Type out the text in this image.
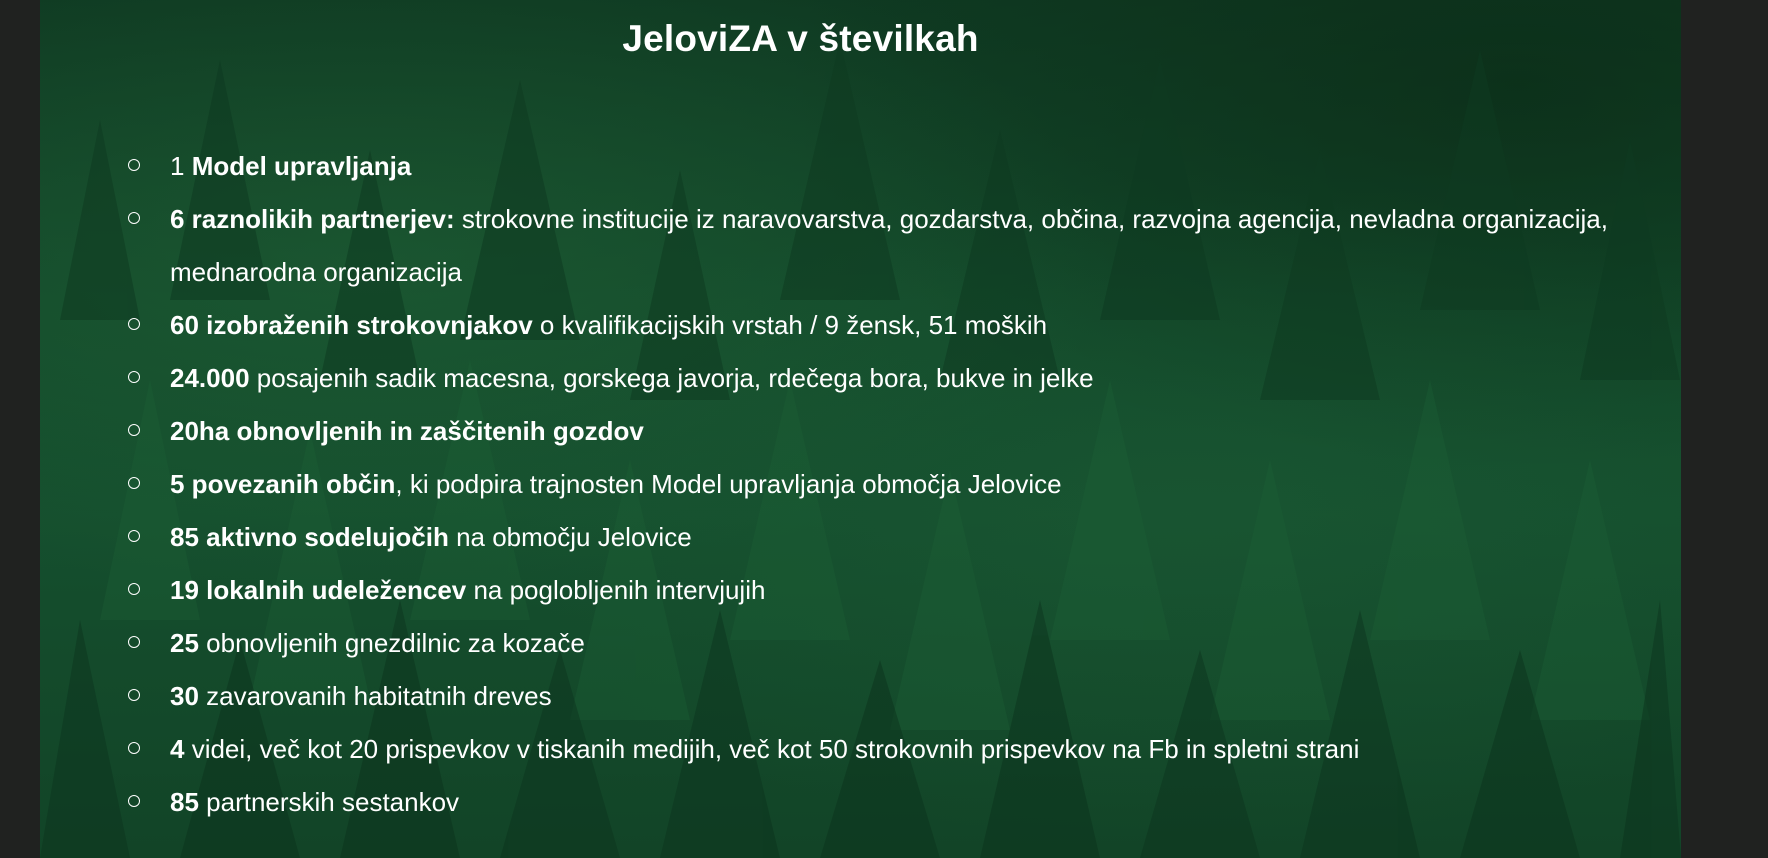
JeloviZA v številkah
1 Model upravljanja
6 raznolikih partnerjev: strokovne institucije iz naravovarstva, gozdarstva, občina, razvojna agencija, nevladna organizacija, mednarodna organizacija
60 izobraženih strokovnjakov o kvalifikacijskih vrstah / 9 žensk, 51 moških
24.000 posajenih sadik macesna, gorskega javorja, rdečega bora, bukve in jelke
20ha obnovljenih in zaščitenih gozdov
5 povezanih občin, ki podpira trajnosten Model upravljanja območja Jelovice
85 aktivno sodelujočih na območju Jelovice
19 lokalnih udeležencev na poglobljenih intervjujih
25 obnovljenih gnezdilnic za kozače
30 zavarovanih habitatnih dreves
4 videi, več kot 20 prispevkov v tiskanih medijih, več kot 50 strokovnih prispevkov na Fb in spletni strani
85 partnerskih sestankov
